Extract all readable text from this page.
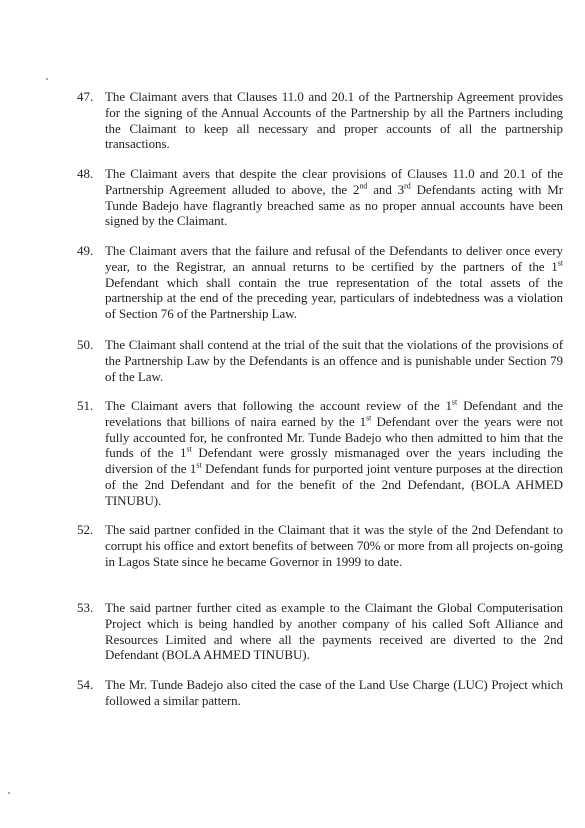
47. The Claimant avers that Clauses 11.0 and 20.1 of the Partnership Agreement provides for the signing of the Annual Accounts of the Partnership by all the Partners including the Claimant to keep all necessary and proper accounts of all the partnership transactions.
48. The Claimant avers that despite the clear provisions of Clauses 11.0 and 20.1 of the Partnership Agreement alluded to above, the 2nd and 3rd Defendants acting with Mr Tunde Badejo have flagrantly breached same as no proper annual accounts have been signed by the Claimant.
49. The Claimant avers that the failure and refusal of the Defendants to deliver once every year, to the Registrar, an annual returns to be certified by the partners of the 1st Defendant which shall contain the true representation of the total assets of the partnership at the end of the preceding year, particulars of indebtedness was a violation of Section 76 of the Partnership Law.
50. The Claimant shall contend at the trial of the suit that the violations of the provisions of the Partnership Law by the Defendants is an offence and is punishable under Section 79 of the Law.
51. The Claimant avers that following the account review of the 1st Defendant and the revelations that billions of naira earned by the 1st Defendant over the years were not fully accounted for, he confronted Mr. Tunde Badejo who then admitted to him that the funds of the 1st Defendant were grossly mismanaged over the years including the diversion of the 1st Defendant funds for purported joint venture purposes at the direction of the 2nd Defendant and for the benefit of the 2nd Defendant, (BOLA AHMED TINUBU).
52. The said partner confided in the Claimant that it was the style of the 2nd Defendant to corrupt his office and extort benefits of between 70% or more from all projects on-going in Lagos State since he became Governor in 1999 to date.
53. The said partner further cited as example to the Claimant the Global Computerisation Project which is being handled by another company of his called Soft Alliance and Resources Limited and where all the payments received are diverted to the 2nd Defendant (BOLA AHMED TINUBU).
54. The Mr. Tunde Badejo also cited the case of the Land Use Charge (LUC) Project which followed a similar pattern.
